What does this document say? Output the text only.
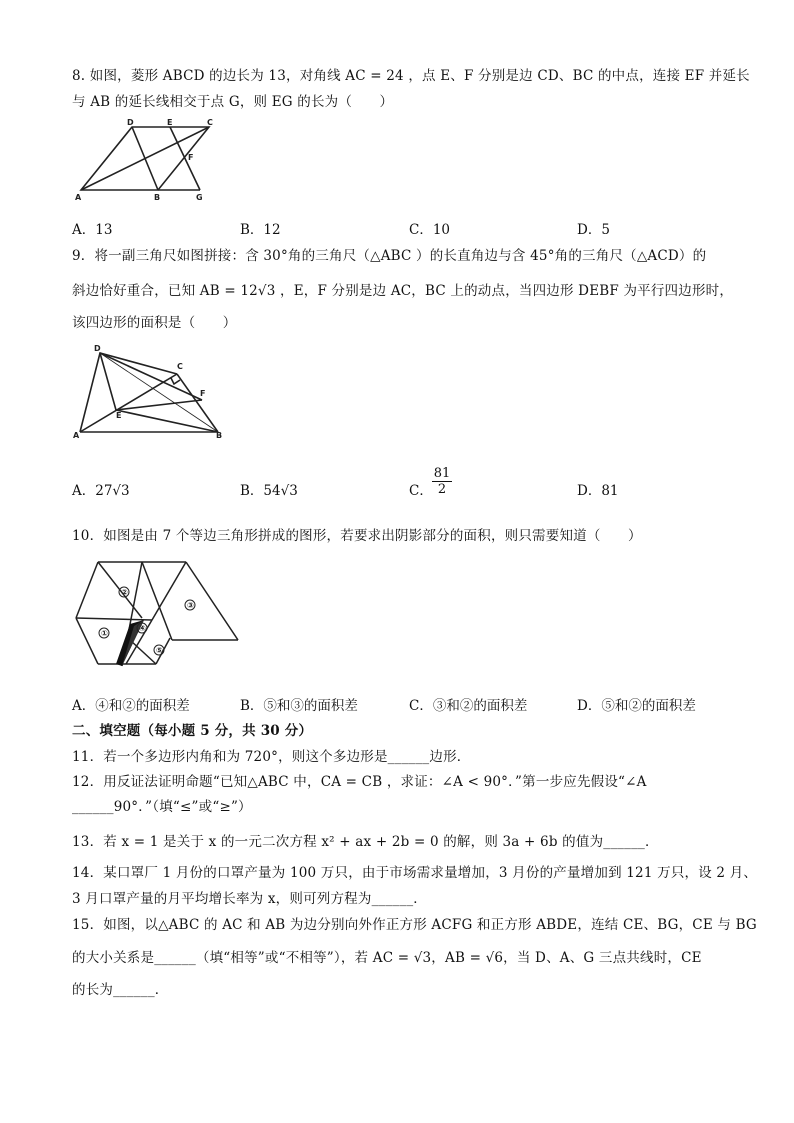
8. 如图，菱形 ABCD 的边长为 13，对角线 AC = 24 ，点 E、F 分别是边 CD、BC 的中点，连接 EF 并延长
与 AB 的延长线相交于点 G，则 EG 的长为（　　）
D	E	C
F
A	B	G
A．13	B．12	C．10	D．5
9．将一副三角尺如图拼接：含 30°角的三角尺（△ABC ）的长直角边与含 45°角的三角尺（△ACD）的
斜边恰好重合，已知 AB = 12√3 ，E，F 分别是边 AC，BC 上的动点，当四边形 DEBF 为平行四边形时，
该四边形的面积是（　　）
D
C
F
E
A	B
A．27√3	B．54√3	C． $\frac{81}{2}$	D．81
10．如图是由 7 个等边三角形拼成的图形，若要求出阴影部分的面积，则只需要知道（　　）
②
③
①
④
⑤
A．④和②的面积差	B．⑤和③的面积差	C．③和②的面积差	D．⑤和②的面积差
二、填空题（每小题 5 分，共 30 分）
11．若一个多边形内角和为 720°，则这个多边形是______边形．
12．用反证法证明命题“已知△ABC 中，CA = CB ，求证：∠A < 90°．”第一步应先假设“∠A
______90°．”（填“≤”或“≥”）
13．若 x = 1 是关于 x 的一元二次方程 x² + ax + 2b = 0 的解，则 3a + 6b 的值为______．
14．某口罩厂 1 月份的口罩产量为 100 万只，由于市场需求量增加，3 月份的产量增加到 121 万只，设 2 月、
3 月口罩产量的月平均增长率为 x，则可列方程为______．
15．如图，以△ABC 的 AC 和 AB 为边分别向外作正方形 ACFG 和正方形 ABDE，连结 CE、BG，CE 与 BG
的大小关系是______（填“相等”或“不相等”），若 AC = √3，AB = √6，当 D、A、G 三点共线时，CE
的长为______．
